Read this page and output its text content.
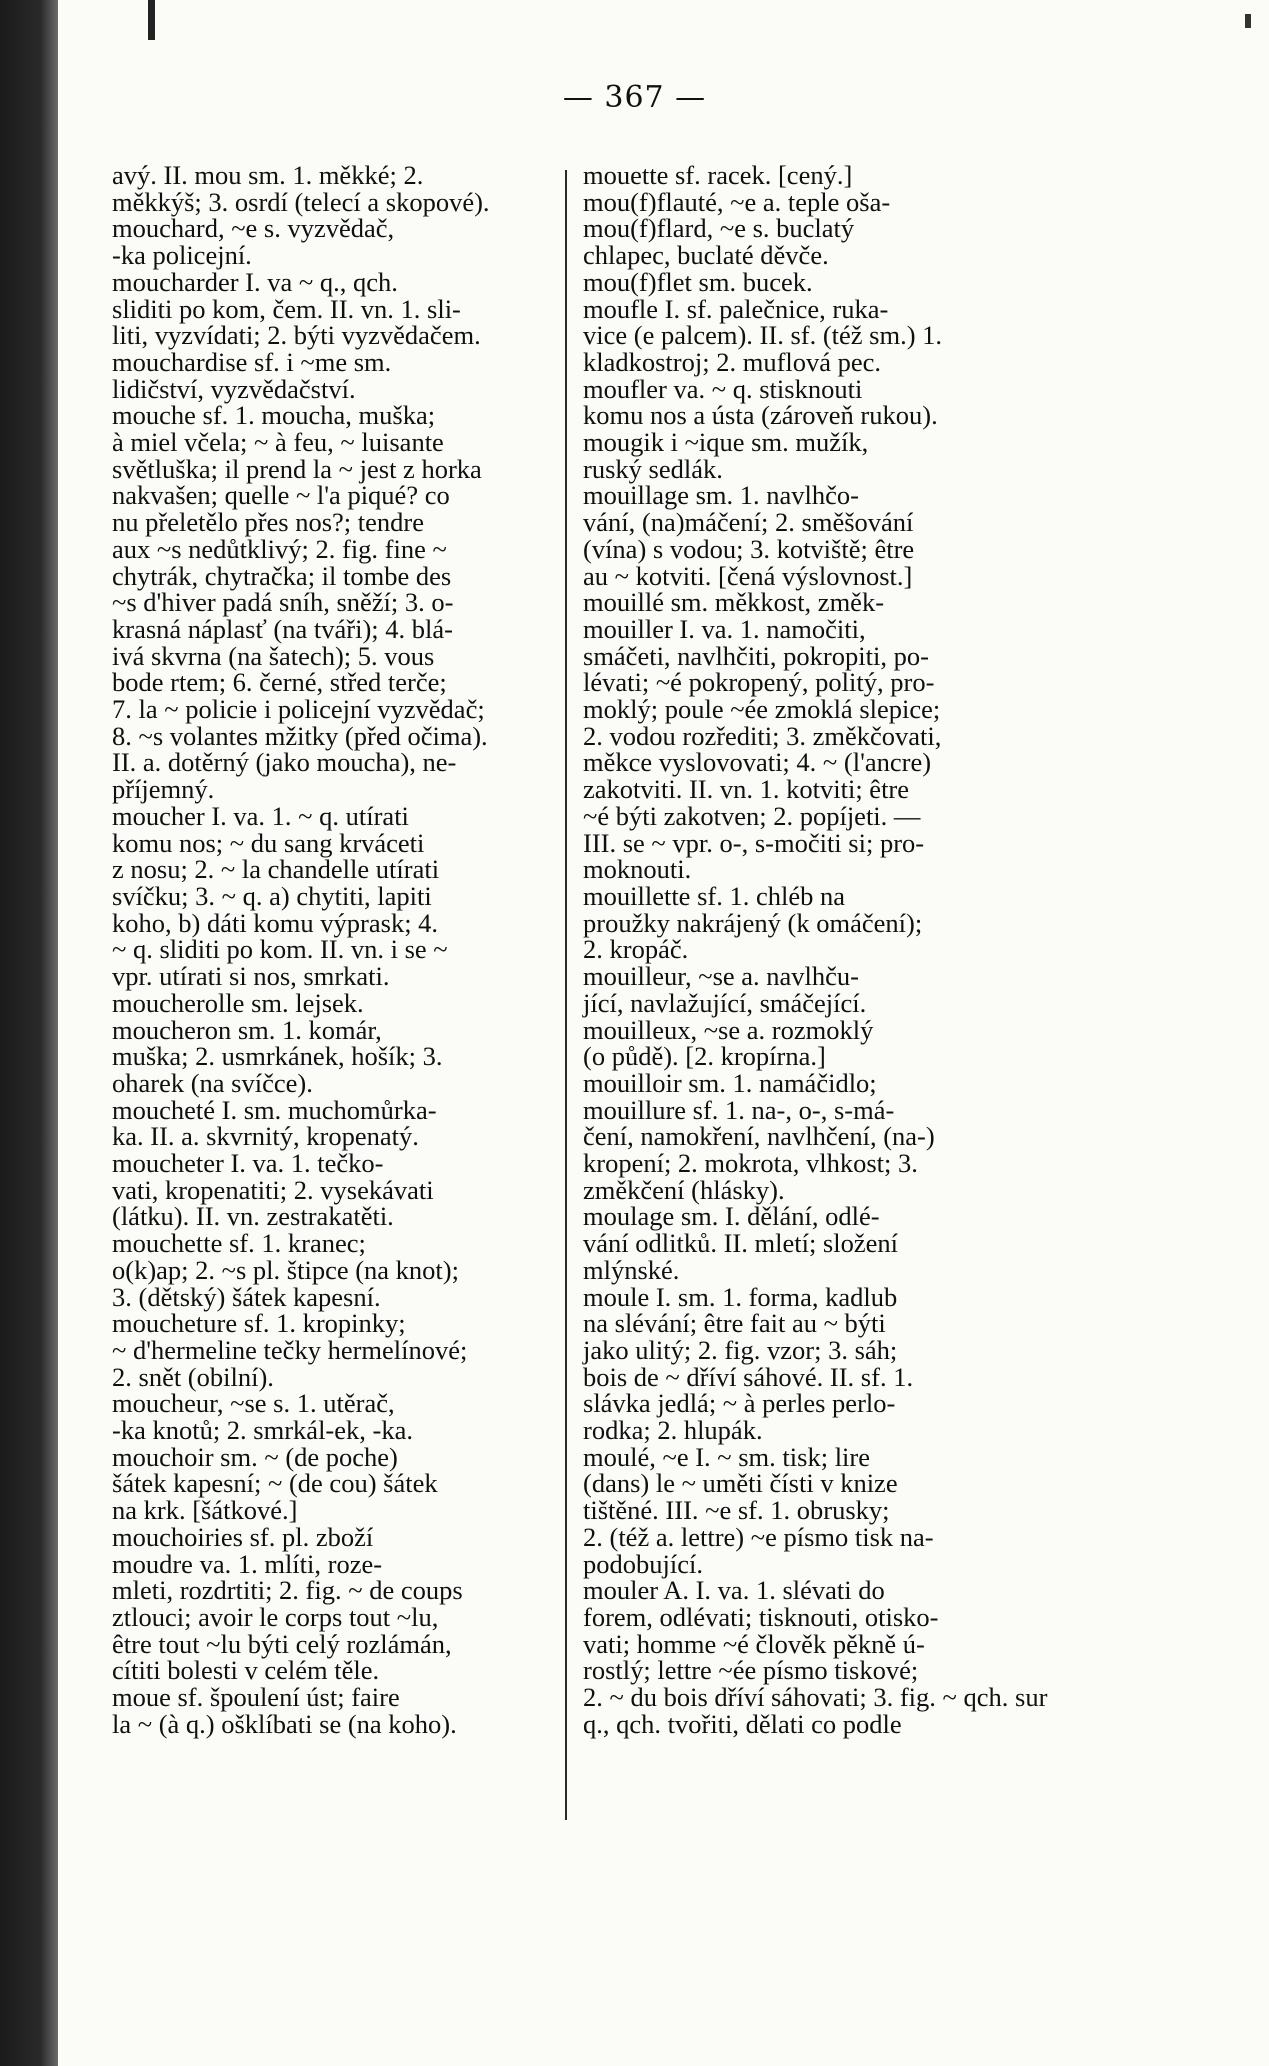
— 367 —
avý. II. mou sm. 1. měkké; 2.
měkkýš; 3. osrdí (telecí a skopové).
mouchard, ~e s. vyzvědač,
-ka policejní.
moucharder I. va ~ q., qch.
sliditi po kom, čem. II. vn. 1. sli-
liti, vyzvídati; 2. býti vyzvědačem.
mouchardise sf. i ~me sm.
lidičství, vyzvědačství.
mouche sf. 1. moucha, muška;
à miel včela; ~ à feu, ~ luisante
světluška; il prend la ~ jest z horka
nakvašen; quelle ~ l'a piqué? co
nu přeletělo přes nos?; tendre
aux ~s nedůtklivý; 2. fig. fine ~
chytrák, chytračka; il tombe des
~s d'hiver padá sníh, sněží; 3. o-
krasná náplasť (na tváři); 4. blá-
ivá skvrna (na šatech); 5. vous
bode rtem; 6. černé, střed terče;
7. la ~ policie i policejní vyzvědač;
8. ~s volantes mžitky (před očima).
II. a. dotěrný (jako moucha), ne-
příjemný.
moucher I. va. 1. ~ q. utírati
komu nos; ~ du sang krváceti
z nosu; 2. ~ la chandelle utírati
svíčku; 3. ~ q. a) chytiti, lapiti
koho, b) dáti komu výprask; 4.
~ q. sliditi po kom. II. vn. i se ~
vpr. utírati si nos, smrkati.
moucherolle sm. lejsek.
moucheron sm. 1. komár,
muška; 2. usmrkánek, hošík; 3.
oharek (na svíčce).
moucheté I. sm. muchomůrka-
ka. II. a. skvrnitý, kropenatý.
moucheter I. va. 1. tečko-
vati, kropenatiti; 2. vysekávati
(látku). II. vn. zestrakatěti.
mouchette sf. 1. kranec;
o(k)ap; 2. ~s pl. štipce (na knot);
3. (dětský) šátek kapesní.
moucheture sf. 1. kropinky;
~ d'hermeline tečky hermelínové;
2. snět (obilní).
moucheur, ~se s. 1. utěrač,
-ka knotů; 2. smrkál-ek, -ka.
mouchoir sm. ~ (de poche)
šátek kapesní; ~ (de cou) šátek
na krk. [šátkové.]
mouchoiries sf. pl. zboží
moudre va. 1. mlíti, roze-
mleti, rozdrtiti; 2. fig. ~ de coups
ztlouci; avoir le corps tout ~lu,
être tout ~lu býti celý rozlámán,
cítiti bolesti v celém těle.
moue sf. špoulení úst; faire
la ~ (à q.) ošklíbati se (na koho).
mouette sf. racek. [cený.]
mou(f)flauté, ~e a. teple oša-
mou(f)flard, ~e s. buclatý
chlapec, buclaté děvče.
mou(f)flet sm. bucek.
moufle I. sf. palečnice, ruka-
vice (e palcem). II. sf. (též sm.) 1.
kladkostroj; 2. muflová pec.
moufler va. ~ q. stisknouti
komu nos a ústa (zároveň rukou).
mougik i ~ique sm. mužík,
ruský sedlák.
mouillage sm. 1. navlhčo-
vání, (na)máčení; 2. směšování
(vína) s vodou; 3. kotviště; être
au ~ kotviti. [čená výslovnost.]
mouillé sm. měkkost, změk-
mouiller I. va. 1. namočiti,
smáčeti, navlhčiti, pokropiti, po-
lévati; ~é pokropený, politý, pro-
moklý; poule ~ée zmoklá slepice;
2. vodou rozřediti; 3. změkčovati,
měkce vyslovovati; 4. ~ (l'ancre)
zakotviti. II. vn. 1. kotviti; être
~é býti zakotven; 2. popíjeti. —
III. se ~ vpr. o-, s-močiti si; pro-
moknouti.
mouillette sf. 1. chléb na
proužky nakrájený (k omáčení);
2. kropáč.
mouilleur, ~se a. navlhču-
jící, navlažující, smáčející.
mouilleux, ~se a. rozmoklý
(o půdě). [2. kropírna.]
mouilloir sm. 1. namáčidlo;
mouillure sf. 1. na-, o-, s-má-
čení, namokření, navlhčení, (na-)
kropení; 2. mokrota, vlhkost; 3.
změkčení (hlásky).
moulage sm. I. dělání, odlé-
vání odlitků. II. mletí; složení
mlýnské.
moule I. sm. 1. forma, kadlub
na slévání; être fait au ~ býti
jako ulitý; 2. fig. vzor; 3. sáh;
bois de ~ dříví sáhové. II. sf. 1.
slávka jedlá; ~ à perles perlo-
rodka; 2. hlupák.
moulé, ~e I. ~ sm. tisk; lire
(dans) le ~ uměti čísti v knize
tištěné. III. ~e sf. 1. obrusky;
2. (též a. lettre) ~e písmo tisk na-
podobující.
mouler A. I. va. 1. slévati do
forem, odlévati; tisknouti, otisko-
vati; homme ~é člověk pěkně ú-
rostlý; lettre ~ée písmo tiskové;
2. ~ du bois dříví sáhovati; 3. fig. ~ qch. sur
q., qch. tvořiti, dělati co podle
